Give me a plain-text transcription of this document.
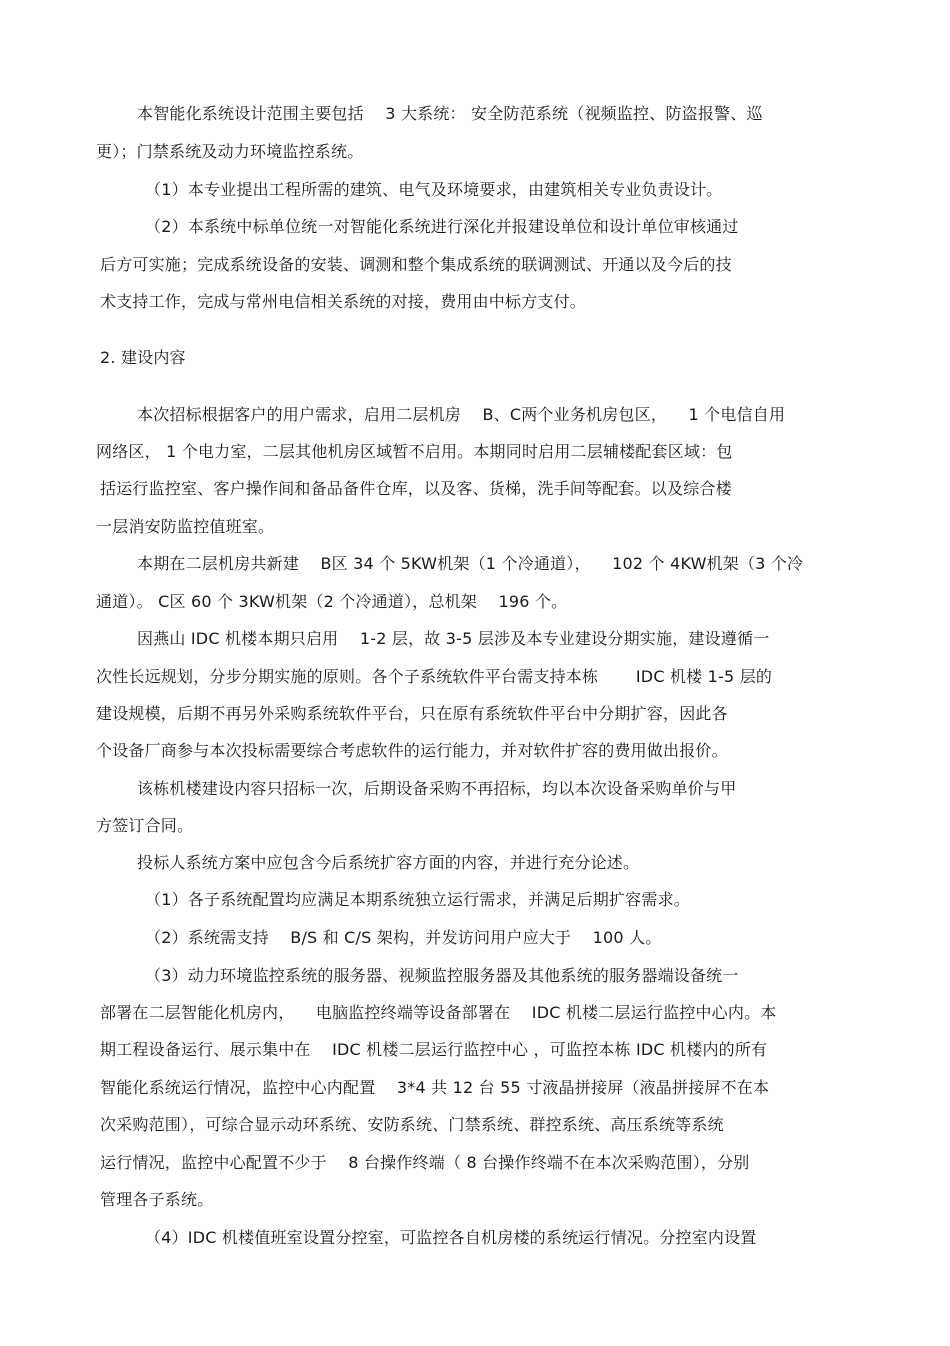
本智能化系统设计范围主要包括 　3 大系统： 安全防范系统（视频监控、防盗报警、巡
更）；门禁系统及动力环境监控系统。
（1）本专业提出工程所需的建筑、电气及环境要求，由建筑相关专业负责设计。
（2）本系统中标单位统一对智能化系统进行深化并报建设单位和设计单位审核通过
后方可实施；完成系统设备的安装、调测和整个集成系统的联调测试、开通以及今后的技
术支持工作，完成与常州电信相关系统的对接，费用由中标方支付。
2. 建设内容
本次招标根据客户的用户需求，启用二层机房 　B、C两个业务机房包区， 　1 个电信自用
网络区， 1 个电力室，二层其他机房区域暂不启用。本期同时启用二层辅楼配套区域：包
括运行监控室、客户操作间和备品备件仓库，以及客、货梯，洗手间等配套。以及综合楼
一层消安防监控值班室。
本期在二层机房共新建 　B区 34 个 5KW机架（1 个冷通道）， 　102 个 4KW机架（3 个冷
通道）。 C区 60 个 3KW机架（2 个冷通道），总机架 　196 个。
因燕山 IDC 机楼本期只启用 　1-2 层，故 3-5 层涉及本专业建设分期实施，建设遵循一
次性长远规划，分步分期实施的原则。各个子系统软件平台需支持本栋 　　IDC 机楼 1-5 层的
建设规模，后期不再另外采购系统软件平台，只在原有系统软件平台中分期扩容，因此各
个设备厂商参与本次投标需要综合考虑软件的运行能力，并对软件扩容的费用做出报价。
该栋机楼建设内容只招标一次，后期设备采购不再招标，均以本次设备采购单价与甲
方签订合同。
投标人系统方案中应包含今后系统扩容方面的内容，并进行充分论述。
（1）各子系统配置均应满足本期系统独立运行需求，并满足后期扩容需求。
（2）系统需支持 　B/S 和 C/S 架构，并发访问用户应大于 　100 人。
（3）动力环境监控系统的服务器、视频监控服务器及其他系统的服务器端设备统一
部署在二层智能化机房内， 　电脑监控终端等设备部署在 　IDC 机楼二层运行监控中心内。本
期工程设备运行、展示集中在 　IDC 机楼二层运行监控中心 ，可监控本栋 IDC 机楼内的所有
智能化系统运行情况，监控中心内配置 　3*4 共 12 台 55 寸液晶拼接屏（液晶拼接屏不在本
次采购范围），可综合显示动环系统、安防系统、门禁系统、群控系统、高压系统等系统
运行情况，监控中心配置不少于 　8 台操作终端（ 8 台操作终端不在本次采购范围），分别
管理各子系统。
（4）IDC 机楼值班室设置分控室，可监控各自机房楼的系统运行情况。分控室内设置
